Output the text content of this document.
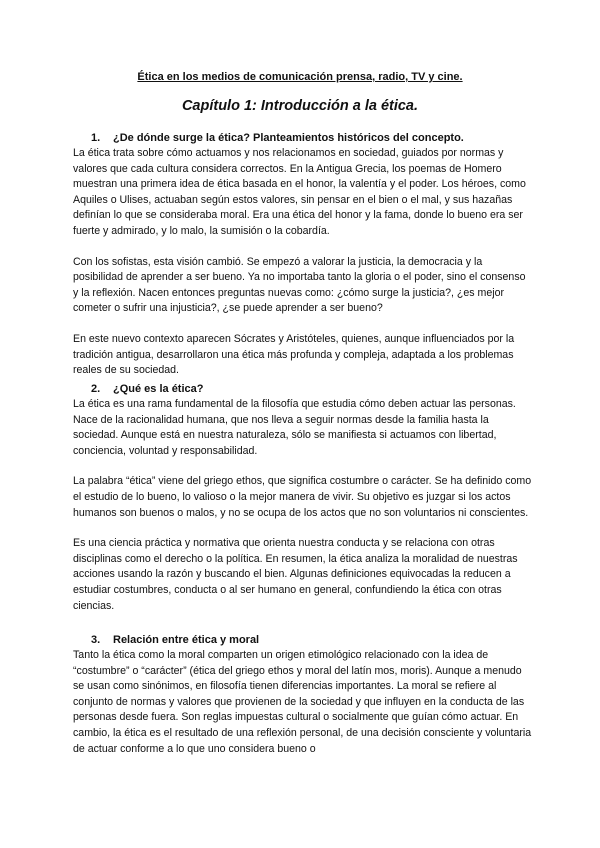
Ética en los medios de comunicación prensa, radio, TV y cine.
Capítulo 1: Introducción a la ética.
1. ¿De dónde surge la ética? Planteamientos históricos del concepto.

La ética trata sobre cómo actuamos y nos relacionamos en sociedad, guiados por normas y valores que cada cultura considera correctos. En la Antigua Grecia, los poemas de Homero muestran una primera idea de ética basada en el honor, la valentía y el poder. Los héroes, como Aquiles o Ulises, actuaban según estos valores, sin pensar en el bien o el mal, y sus hazañas definían lo que se consideraba moral. Era una ética del honor y la fama, donde lo bueno era ser fuerte y admirado, y lo malo, la sumisión o la cobardía.

Con los sofistas, esta visión cambió. Se empezó a valorar la justicia, la democracia y la posibilidad de aprender a ser bueno. Ya no importaba tanto la gloria o el poder, sino el consenso y la reflexión. Nacen entonces preguntas nuevas como: ¿cómo surge la justicia?, ¿es mejor cometer o sufrir una injusticia?, ¿se puede aprender a ser bueno?

En este nuevo contexto aparecen Sócrates y Aristóteles, quienes, aunque influenciados por la tradición antigua, desarrollaron una ética más profunda y compleja, adaptada a los problemas reales de su sociedad.

2. ¿Qué es la ética?

La ética es una rama fundamental de la filosofía que estudia cómo deben actuar las personas. Nace de la racionalidad humana, que nos lleva a seguir normas desde la familia hasta la sociedad. Aunque está en nuestra naturaleza, sólo se manifiesta si actuamos con libertad, conciencia, voluntad y responsabilidad.

La palabra “ética” viene del griego ethos, que significa costumbre o carácter. Se ha definido como el estudio de lo bueno, lo valioso o la mejor manera de vivir. Su objetivo es juzgar si los actos humanos son buenos o malos, y no se ocupa de los actos que no son voluntarios ni conscientes.

Es una ciencia práctica y normativa que orienta nuestra conducta y se relaciona con otras disciplinas como el derecho o la política. En resumen, la ética analiza la moralidad de nuestras acciones usando la razón y buscando el bien. Algunas definiciones equivocadas la reducen a estudiar costumbres, conducta o al ser humano en general, confundiendo la ética con otras ciencias.

3. Relación entre ética y moral

Tanto la ética como la moral comparten un origen etimológico relacionado con la idea de “costumbre” o “carácter” (ética del griego ethos y moral del latín mos, moris). Aunque a menudo se usan como sinónimos, en filosofía tienen diferencias importantes. La moral se refiere al conjunto de normas y valores que provienen de la sociedad y que influyen en la conducta de las personas desde fuera. Son reglas impuestas cultural o socialmente que guían cómo actuar. En cambio, la ética es el resultado de una reflexión personal, de una decisión consciente y voluntaria de actuar conforme a lo que uno considera bueno o
